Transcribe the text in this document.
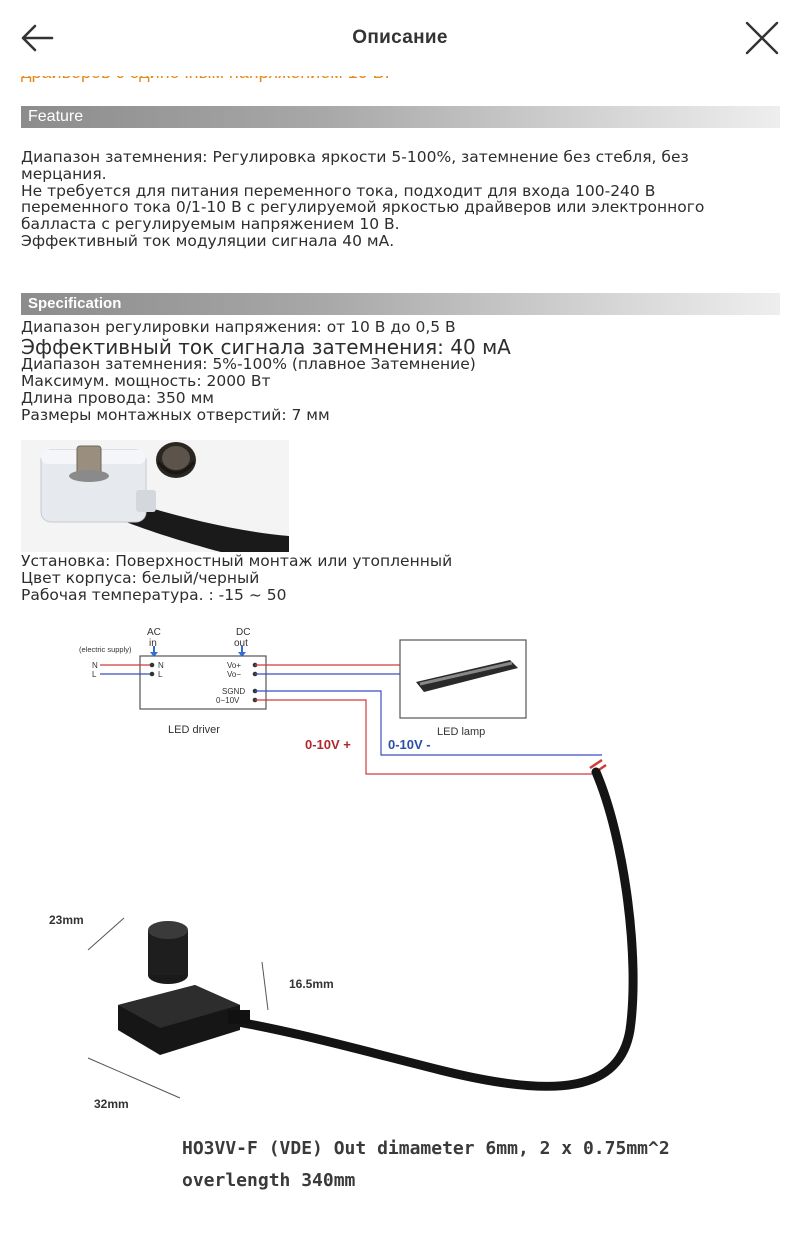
Описание
Feature
Диапазон затемнения: Регулировка яркости 5-100%, затемнение без стебля, без
мерцания.
Не требуется для питания переменного тока, подходит для входа 100-240 В
переменного тока 0/1-10 В с регулируемой яркостью драйверов или электронного
балласта с регулируемым напряжением 10 В.
Эффективный ток модуляции сигнала 40 мА.
Specification
Диапазон регулировки напряжения: от 10 В до 0,5 В
Эффективный ток сигнала затемнения: 40 мА
Диапазон затемнения: 5%-100% (плавное Затемнение)
Максимум. мощность: 2000 Вт
Длина провода: 350 мм
Размеры монтажных отверстий: 7 мм
Установка: Поверхностный монтаж или утопленный
Цвет корпуса: белый/черный
Рабочая температура. : -15 ~ 50
(electric supply)
AC
in
DC
out
N
L
N
L
Vo+
Vo−
SGND
0−10V
LED driver
0-10V +	0-10V -
LED lamp
23mm
16.5mm
32mm
HO3VV-F (VDE) Out dimameter 6mm, 2 x 0.75mm^2
overlength 340mm
